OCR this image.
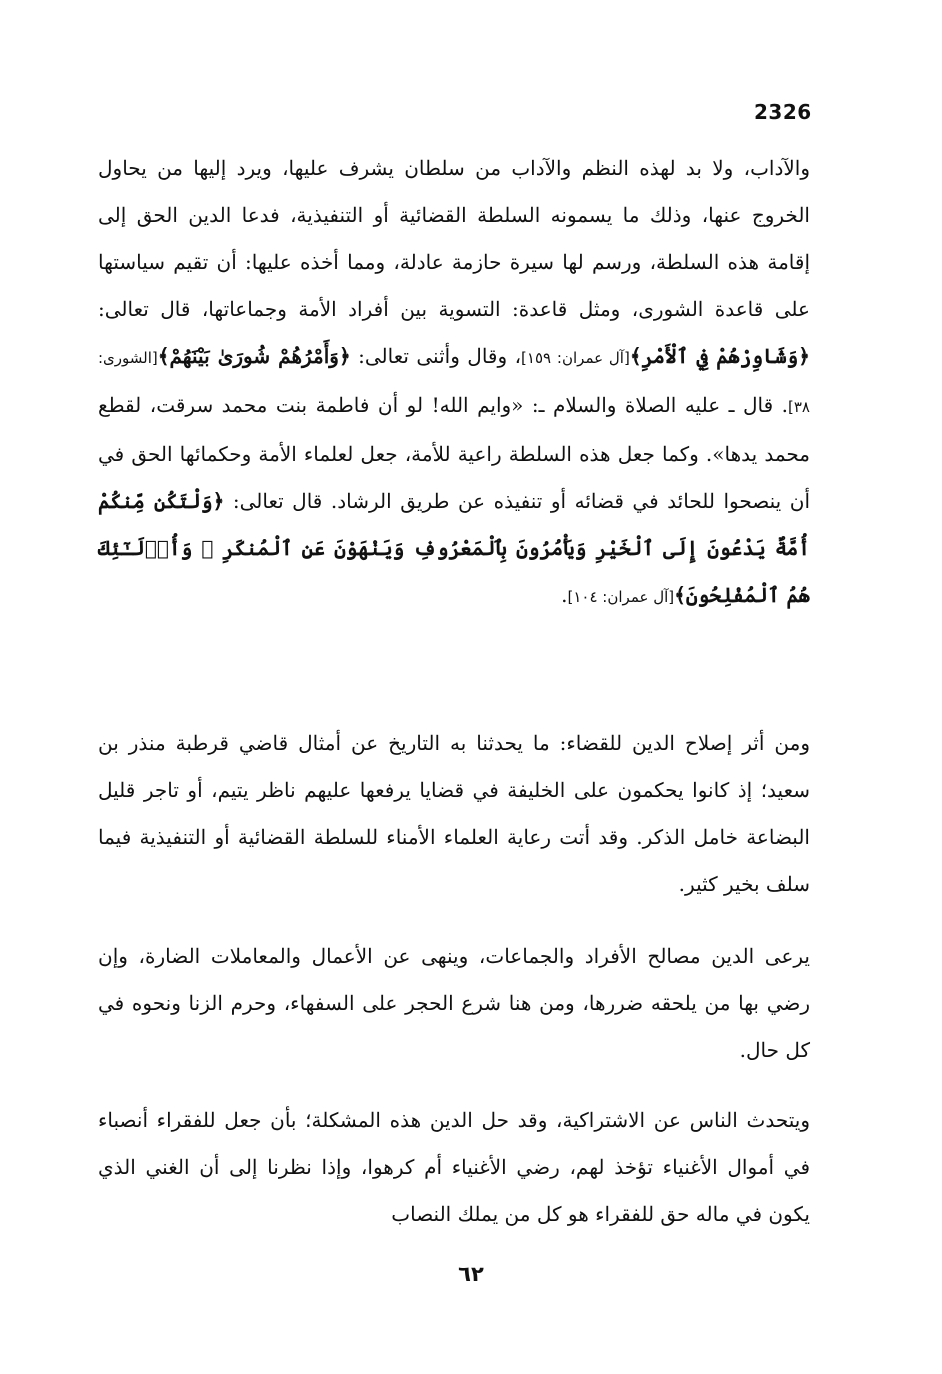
2326

والآداب، ولا بد لهذه النظم والآداب من سلطان يشرف عليها، ويرد إليها من يحاول الخروج عنها، وذلك ما يسمونه السلطة القضائية أو التنفيذية، فدعا الدين الحق إلى إقامة هذه السلطة، ورسم لها سيرة حازمة عادلة، ومما أخذه عليها: أن تقيم سياستها على قاعدة الشورى، ومثل قاعدة: التسوية بين أفراد الأمة وجماعاتها، قال تعالى: ﴿وَشَاوِرْهُمْ فِي ٱلْأَمْرِ﴾[آل عمران: ١٥٩]، وقال وأثنى تعالى: ﴿وَأَمْرُهُمْ شُورَىٰ بَيْنَهُمْ﴾[الشورى: ٣٨]. قال ـ عليه الصلاة والسلام ـ: «وايم الله! لو أن فاطمة بنت محمد سرقت، لقطع محمد يدها». وكما جعل هذه السلطة راعية للأمة، جعل لعلماء الأمة وحكمائها الحق في أن ينصحوا للحائد في قضائه أو تنفيذه عن طريق الرشاد. قال تعالى: ﴿وَلْتَكُن مِّنكُمْ أُمَّةٌ يَدْعُونَ إِلَى ٱلْخَيْرِ وَيَأْمُرُونَ بِٱلْمَعْرُوفِ وَيَنْهَوْنَ عَنِ ٱلْمُنكَرِ ۚ وَأُو۟لَـٰٓئِكَ هُمُ ٱلْمُفْلِحُونَ﴾[آل عمران: ١٠٤].

ومن أثر إصلاح الدين للقضاء: ما يحدثنا به التاريخ عن أمثال قاضي قرطبة منذر بن سعيد؛ إذ كانوا يحكمون على الخليفة في قضايا يرفعها عليهم ناظر يتيم، أو تاجر قليل البضاعة خامل الذكر. وقد أتت رعاية العلماء الأمناء للسلطة القضائية أو التنفيذية فيما سلف بخير كثير.

يرعى الدين مصالح الأفراد والجماعات، وينهى عن الأعمال والمعاملات الضارة، وإن رضي بها من يلحقه ضررها، ومن هنا شرع الحجر على السفهاء، وحرم الزنا ونحوه في كل حال.

ويتحدث الناس عن الاشتراكية، وقد حل الدين هذه المشكلة؛ بأن جعل للفقراء أنصباء في أموال الأغنياء تؤخذ لهم، رضي الأغنياء أم كرهوا، وإذا نظرنا إلى أن الغني الذي يكون في ماله حق للفقراء هو كل من يملك النصاب

٦٢
